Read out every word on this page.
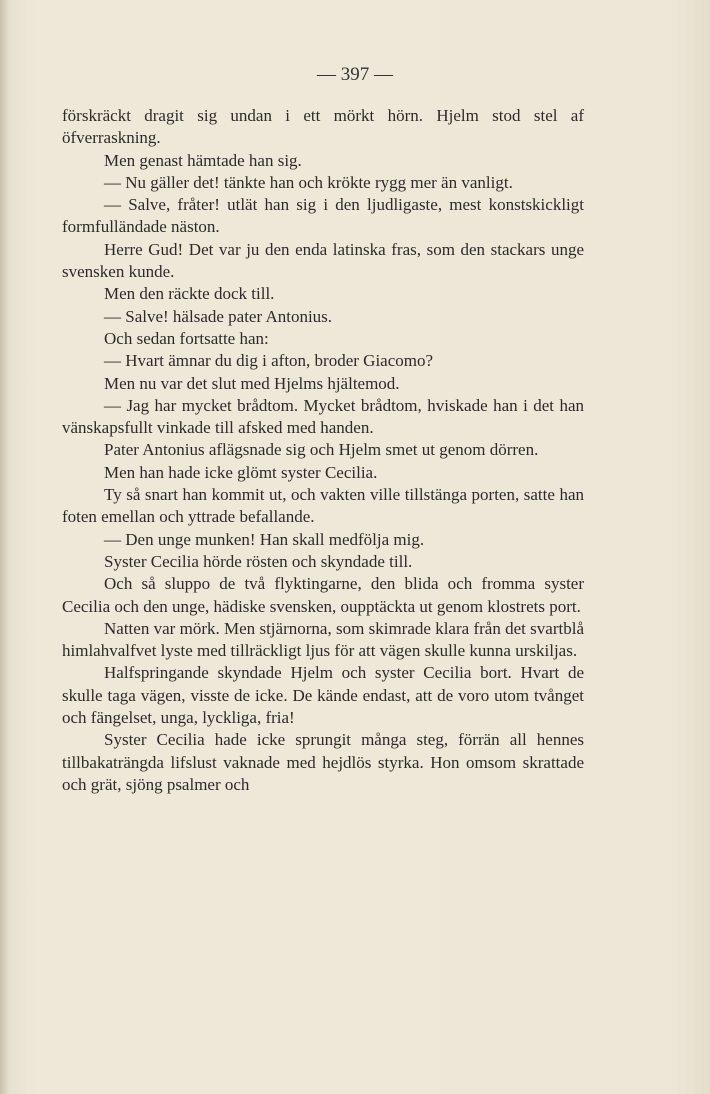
— 397 —

förskräckt dragit sig undan i ett mörkt hörn. Hjelm stod stel af öfverraskning.

Men genast hämtade han sig.

— Nu gäller det! tänkte han och krökte rygg mer än vanligt.

— Salve, fråter! utlät han sig i den ljudligaste, mest konstskickligt formfulländade näston.

Herre Gud! Det var ju den enda latinska fras, som den stackars unge svensken kunde.

Men den räckte dock till.

— Salve! hälsade pater Antonius.

Och sedan fortsatte han:

— Hvart ämnar du dig i afton, broder Giacomo?

Men nu var det slut med Hjelms hjältemod.

— Jag har mycket brådtom. Mycket brådtom, hviskade han i det han vänskapsfullt vinkade till afsked med handen.

Pater Antonius aflägsnade sig och Hjelm smet ut genom dörren.

Men han hade icke glömt syster Cecilia.

Ty så snart han kommit ut, och vakten ville tillstänga porten, satte han foten emellan och yttrade befallande.

— Den unge munken! Han skall medfölja mig.

Syster Cecilia hörde rösten och skyndade till.

Och så sluppo de två flyktingarne, den blida och fromma syster Cecilia och den unge, hädiske svensken, oupptäckta ut genom klostrets port.

Natten var mörk. Men stjärnorna, som skimrade klara från det svartblå himlahvalfvet lyste med tillräckligt ljus för att vägen skulle kunna urskiljas.

Halfspringande skyndade Hjelm och syster Cecilia bort. Hvart de skulle taga vägen, visste de icke. De kände endast, att de voro utom tvånget och fängelset, unga, lyckliga, fria!

Syster Cecilia hade icke sprungit många steg, förrän all hennes tillbakaträngda lifslust vaknade med hejdlös styrka. Hon omsom skrattade och grät, sjöng psalmer och
